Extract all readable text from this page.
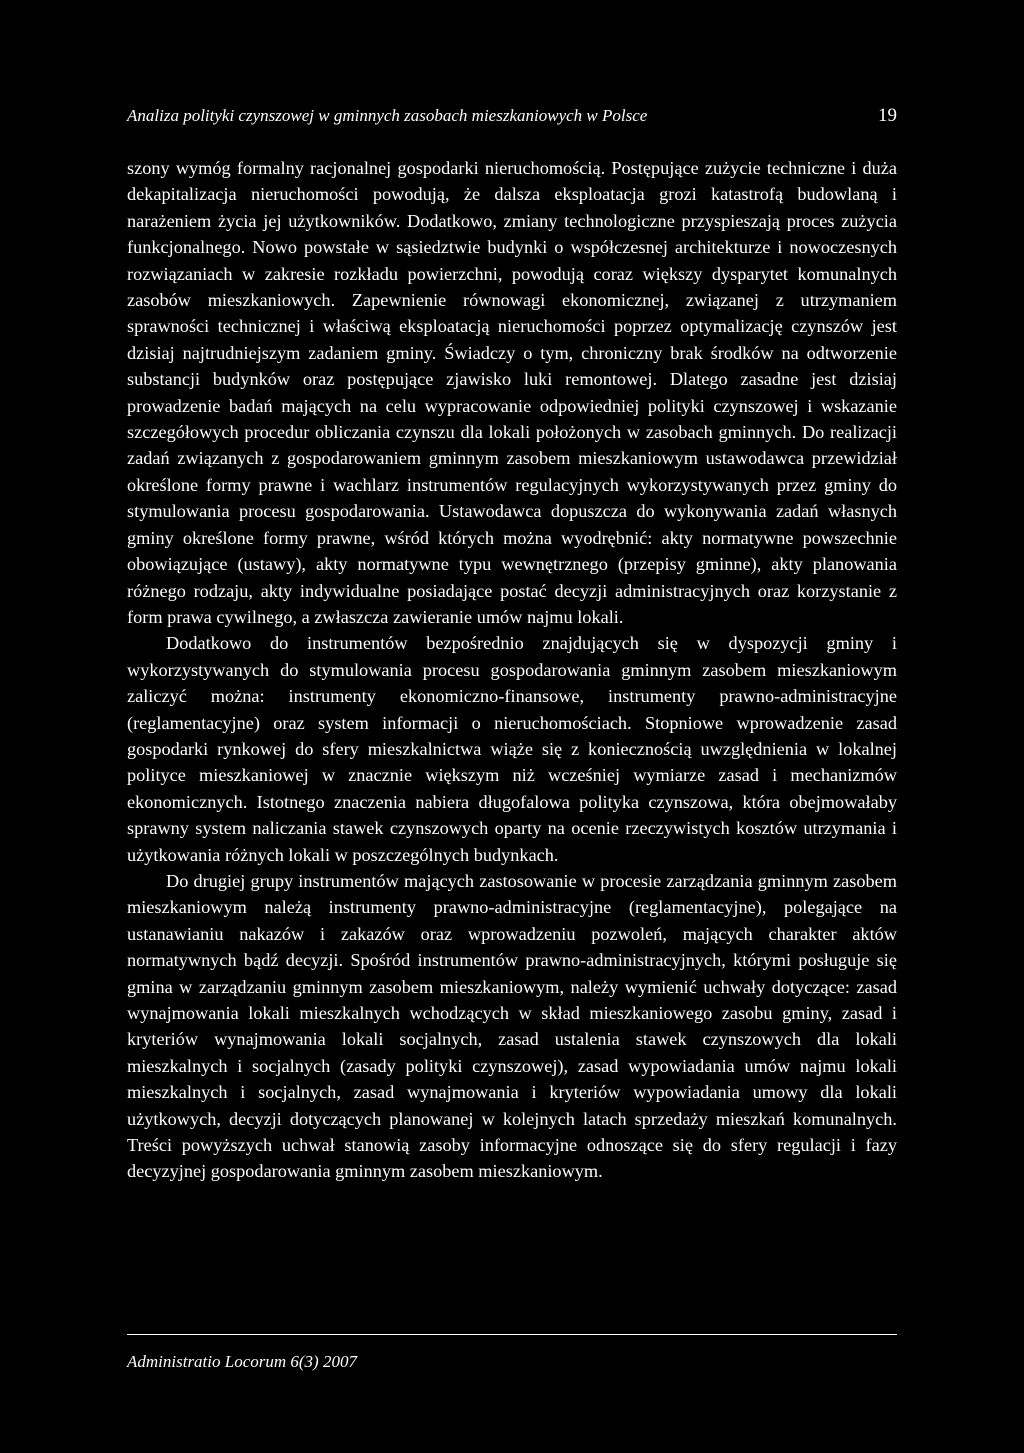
Analiza polityki czynszowej w gminnych zasobach mieszkaniowych w Polsce	19

szony wymóg formalny racjonalnej gospodarki nieruchomością. Postępujące zużycie techniczne i duża dekapitalizacja nieruchomości powodują, że dalsza eksploatacja grozi katastrofą budowlaną i narażeniem życia jej użytkowników. Dodatkowo, zmiany technologiczne przyspieszają proces zużycia funkcjonalnego. Nowo powstałe w sąsiedztwie budynki o współczesnej architekturze i nowoczesnych rozwiązaniach w zakresie rozkładu powierzchni, powodują coraz większy dysparytet komunalnych zasobów mieszkaniowych. Zapewnienie równowagi ekonomicznej, związanej z utrzymaniem sprawności technicznej i właściwą eksploatacją nieruchomości poprzez optymalizację czynszów jest dzisiaj najtrudniejszym zadaniem gminy. Świadczy o tym, chroniczny brak środków na odtworzenie substancji budynków oraz postępujące zjawisko luki remontowej. Dlatego zasadne jest dzisiaj prowadzenie badań mających na celu wypracowanie odpowiedniej polityki czynszowej i wskazanie szczegółowych procedur obliczania czynszu dla lokali położonych w zasobach gminnych. Do realizacji zadań związanych z gospodarowaniem gminnym zasobem mieszkaniowym ustawodawca przewidział określone formy prawne i wachlarz instrumentów regulacyjnych wykorzystywanych przez gminy do stymulowania procesu gospodarowania. Ustawodawca dopuszcza do wykonywania zadań własnych gminy określone formy prawne, wśród których można wyodrębnić: akty normatywne powszechnie obowiązujące (ustawy), akty normatywne typu wewnętrznego (przepisy gminne), akty planowania różnego rodzaju, akty indywidualne posiadające postać decyzji administracyjnych oraz korzystanie z form prawa cywilnego, a zwłaszcza zawieranie umów najmu lokali.

Dodatkowo do instrumentów bezpośrednio znajdujących się w dyspozycji gminy i wykorzystywanych do stymulowania procesu gospodarowania gminnym zasobem mieszkaniowym zaliczyć można: instrumenty ekonomiczno-finansowe, instrumenty prawno-administracyjne (reglamentacyjne) oraz system informacji o nieruchomościach. Stopniowe wprowadzenie zasad gospodarki rynkowej do sfery mieszkalnictwa wiąże się z koniecznością uwzględnienia w lokalnej polityce mieszkaniowej w znacznie większym niż wcześniej wymiarze zasad i mechanizmów ekonomicznych. Istotnego znaczenia nabiera długofalowa polityka czynszowa, która obejmowałaby sprawny system naliczania stawek czynszowych oparty na ocenie rzeczywistych kosztów utrzymania i użytkowania różnych lokali w poszczególnych budynkach.

Do drugiej grupy instrumentów mających zastosowanie w procesie zarządzania gminnym zasobem mieszkaniowym należą instrumenty prawno-administracyjne (reglamentacyjne), polegające na ustanawianiu nakazów i zakazów oraz wprowadzeniu pozwoleń, mających charakter aktów normatywnych bądź decyzji. Spośród instrumentów prawno-administracyjnych, którymi posługuje się gmina w zarządzaniu gminnym zasobem mieszkaniowym, należy wymienić uchwały dotyczące: zasad wynajmowania lokali mieszkalnych wchodzących w skład mieszkaniowego zasobu gminy, zasad i kryteriów wynajmowania lokali socjalnych, zasad ustalenia stawek czynszowych dla lokali mieszkalnych i socjalnych (zasady polityki czynszowej), zasad wypowiadania umów najmu lokali mieszkalnych i socjalnych, zasad wynajmowania i kryteriów wypowiadania umowy dla lokali użytkowych, decyzji dotyczących planowanej w kolejnych latach sprzedaży mieszkań komunalnych. Treści powyższych uchwał stanowią zasoby informacyjne odnoszące się do sfery regulacji i fazy decyzyjnej gospodarowania gminnym zasobem mieszkaniowym.

Administratio Locorum 6(3) 2007
